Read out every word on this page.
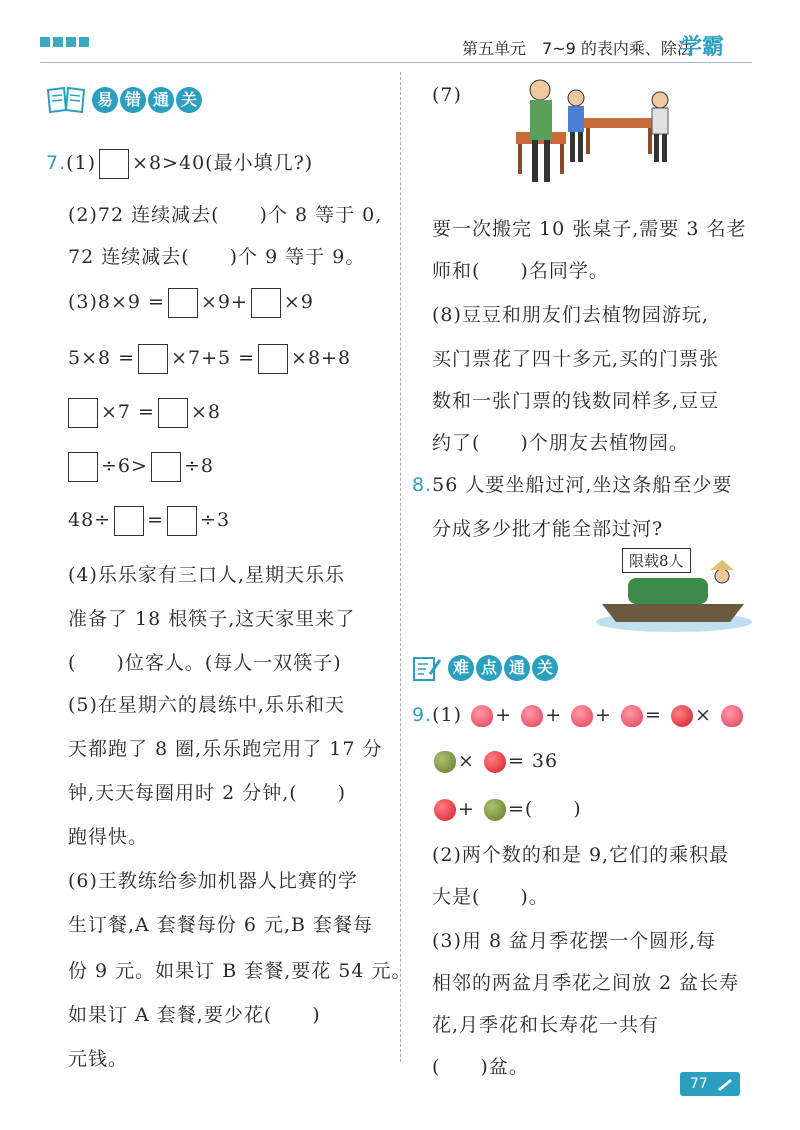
第五单元　7~9 的表内乘、除法
学霸
易 错 通 关
7.(1) ×8>40(最小填几?)
(2)72 连续减去(　　)个 8 等于 0,
72 连续减去(　　)个 9 等于 9。
(3)8×9 = ×9+ ×9
5×8 = ×7+5 = ×8+8
×7 = ×8
÷6> ÷8
48÷ = ÷3
(4)乐乐家有三口人,星期天乐乐
准备了 18 根筷子,这天家里来了
(　　)位客人。(每人一双筷子)
(5)在星期六的晨练中,乐乐和天
天都跑了 8 圈,乐乐跑完用了 17 分
钟,天天每圈用时 2 分钟,(　　)
跑得快。
(6)王教练给参加机器人比赛的学
生订餐,A 套餐每份 6 元,B 套餐每
份 9 元。如果订 B 套餐,要花 54 元。
如果订 A 套餐,要少花(　　)
元钱。
(7)
要一次搬完 10 张桌子,需要 3 名老
师和(　　)名同学。
(8)豆豆和朋友们去植物园游玩,
买门票花了四十多元,买的门票张
数和一张门票的钱数同样多,豆豆
约了(　　)个朋友去植物园。
8.56 人要坐船过河,坐这条船至少要
分成多少批才能全部过河?
限载8人
难 点 通 关
9.(1) + + + = ×
× = 36
+ =(　　)
(2)两个数的和是 9,它们的乘积最
大是(　　)。
(3)用 8 盆月季花摆一个圆形,每
相邻的两盆月季花之间放 2 盆长寿
花,月季花和长寿花一共有
(　　)盆。
77
